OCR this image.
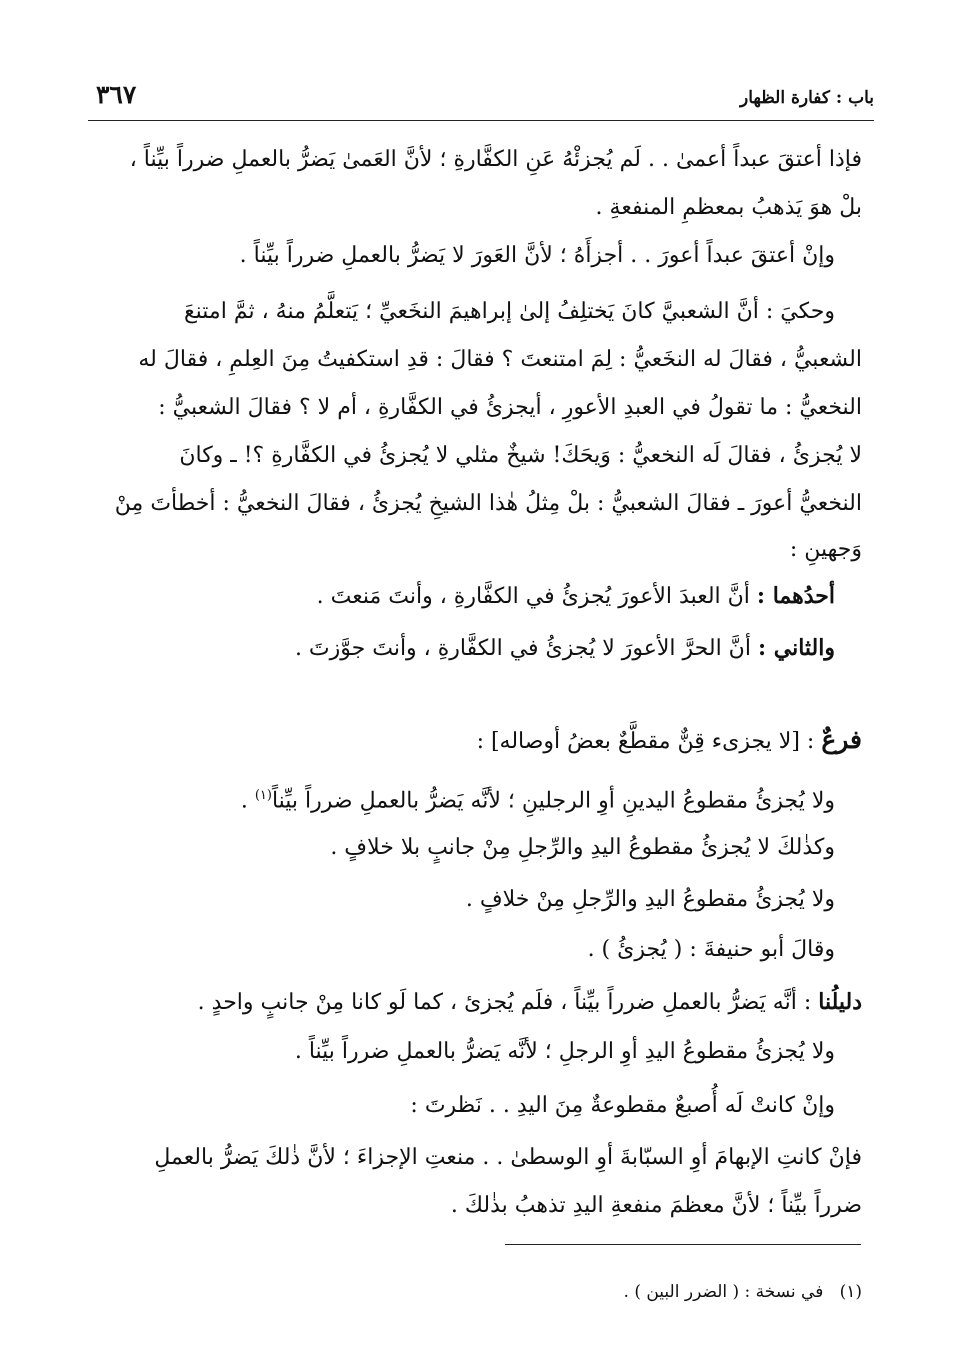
باب : كفارة الظهار
٣٦٧
فإذا أعتقَ عبداً أعمىٰ . . لَم يُجزئْهُ عَنِ الكفَّارةِ ؛ لأنَّ العَمىٰ يَضرُّ بالعملِ ضرراً بيِّناً ،
بلْ هوَ يَذهبُ بمعظمِ المنفعةِ .
وإنْ أعتقَ عبداً أعورَ . . أجزأَهُ ؛ لأنَّ العَورَ لا يَضرُّ بالعملِ ضرراً بيِّناً .
وحكيَ : أنَّ الشعبيَّ كانَ يَختلِفُ إلىٰ إبراهيمَ النخَعيِّ ؛ يَتعلَّمُ منهُ ، ثمَّ امتنعَ
الشعبيُّ ، فقالَ له النخَعيُّ : لِمَ امتنعتَ ؟ فقالَ : قدِ استكفيتُ مِنَ العِلمِ ، فقالَ له
النخعيُّ : ما تقولُ في العبدِ الأعورِ ، أيجزئُ في الكفَّارةِ ، أم لا ؟ فقالَ الشعبيُّ :
لا يُجزئُ ، فقالَ لَه النخعيُّ : وَيحَكَ! شيخٌ مثلي لا يُجزئُ في الكفَّارةِ ؟! ـ وكانَ
النخعيُّ أعورَ ـ فقالَ الشعبيُّ : بلْ مِثلُ هٰذا الشيخِ يُجزئُ ، فقالَ النخعيُّ : أخطأتَ مِنْ
وَجهينِ :
أحدُهما : أنَّ العبدَ الأعورَ يُجزئُ في الكفَّارةِ ، وأنتَ مَنعتَ .
والثاني : أنَّ الحرَّ الأعورَ لا يُجزئُ في الكفَّارةِ ، وأنتَ جوَّزتَ .
فرعٌ : [لا يجزىء قِنٌّ مقطَّعٌ بعضُ أوصاله] :
ولا يُجزئُ مقطوعُ اليدينِ أوِ الرجلينِ ؛ لأنَّه يَضرُّ بالعملِ ضرراً بيِّناً$^{(١)}$ .
وكذٰلكَ لا يُجزئُ مقطوعُ اليدِ والرِّجلِ مِنْ جانبٍ بلا خلافٍ .
ولا يُجزئُ مقطوعُ اليدِ والرِّجلِ مِنْ خلافٍ .
وقالَ أبو حنيفةَ : ( يُجزئُ ) .
دليلُنا : أنَّه يَضرُّ بالعملِ ضرراً بيِّناً ، فلَم يُجزئ ، كما لَو كانا مِنْ جانبٍ واحدٍ .
ولا يُجزئُ مقطوعُ اليدِ أوِ الرجلِ ؛ لأنَّه يَضرُّ بالعملِ ضرراً بيِّناً .
وإنْ كانتْ لَه أُصبعٌ مقطوعةٌ مِنَ اليدِ . . نَظرتَ :
فإنْ كانتِ الإبهامَ أوِ السبّابةَ أوِ الوسطىٰ . . منعتِ الإجزاءَ ؛ لأنَّ ذٰلكَ يَضرُّ بالعملِ
ضرراً بيِّناً ؛ لأنَّ معظمَ منفعةِ اليدِ تذهبُ بذٰلكَ .
(١)   في نسخة : ( الضرر البين ) .
